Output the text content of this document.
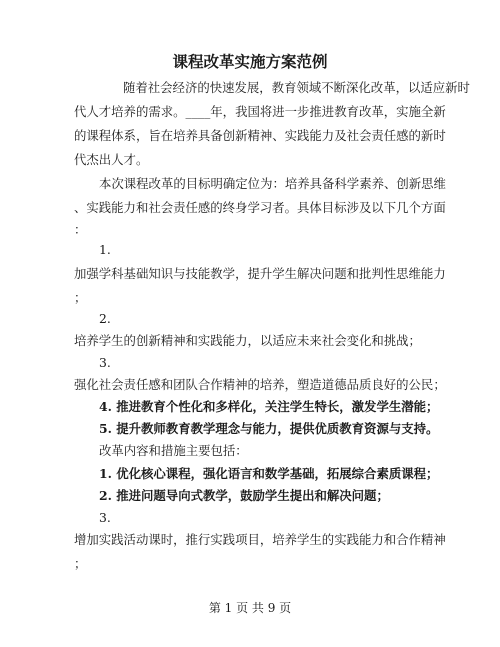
课程改革实施方案范例
随着社会经济的快速发展，教育领域不断深化改革，以适应新时
代人才培养的需求。____年，我国将进一步推进教育改革，实施全新
的课程体系，旨在培养具备创新精神、实践能力及社会责任感的新时
代杰出人才。
本次课程改革的目标明确定位为：培养具备科学素养、创新思维
、实践能力和社会责任感的终身学习者。具体目标涉及以下几个方面
：
1.
加强学科基础知识与技能教学，提升学生解决问题和批判性思维能力
；
2.
培养学生的创新精神和实践能力，以适应未来社会变化和挑战；
3.
强化社会责任感和团队合作精神的培养，塑造道德品质良好的公民；
4. 推进教育个性化和多样化，关注学生特长，激发学生潜能；
5. 提升教师教育教学理念与能力，提供优质教育资源与支持。
改革内容和措施主要包括：
1. 优化核心课程，强化语言和数学基础，拓展综合素质课程；
2. 推进问题导向式教学，鼓励学生提出和解决问题；
3.
增加实践活动课时，推行实践项目，培养学生的实践能力和合作精神
；
第 1 页 共 9 页
